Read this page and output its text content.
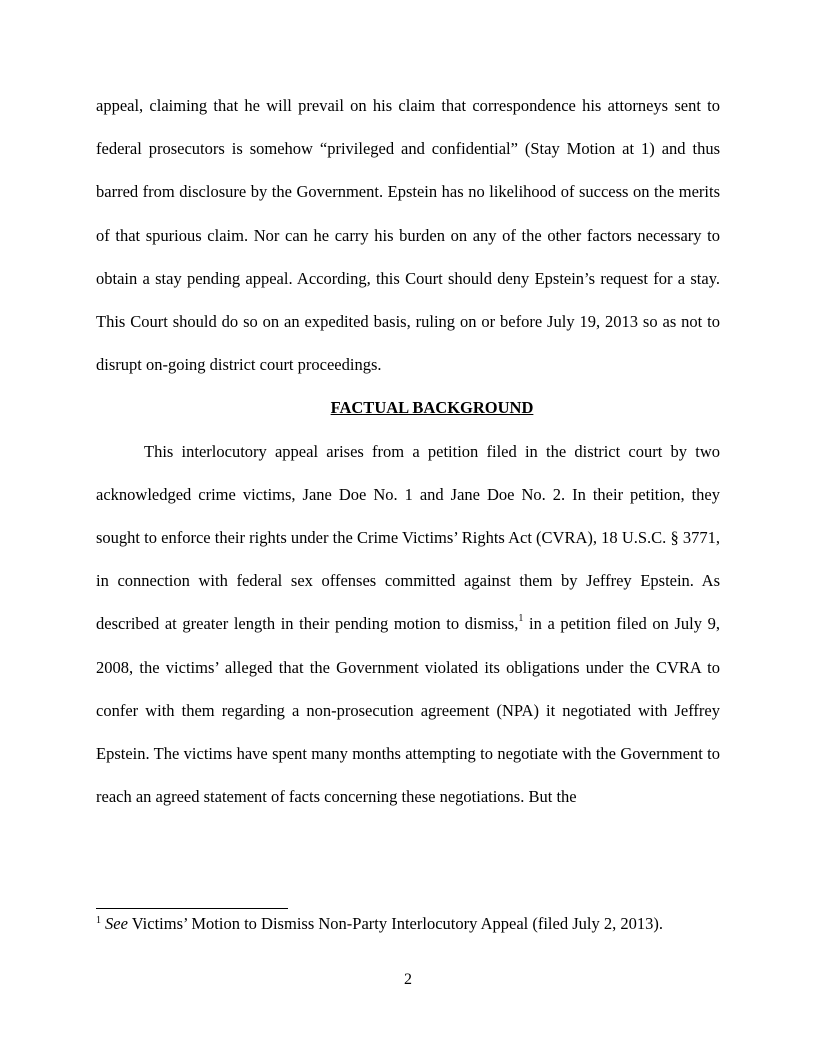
appeal, claiming that he will prevail on his claim that correspondence his attorneys sent to federal prosecutors is somehow “privileged and confidential” (Stay Motion at 1) and thus barred from disclosure by the Government. Epstein has no likelihood of success on the merits of that spurious claim. Nor can he carry his burden on any of the other factors necessary to obtain a stay pending appeal. According, this Court should deny Epstein’s request for a stay. This Court should do so on an expedited basis, ruling on or before July 19, 2013 so as not to disrupt on-going district court proceedings.

FACTUAL BACKGROUND

This interlocutory appeal arises from a petition filed in the district court by two acknowledged crime victims, Jane Doe No. 1 and Jane Doe No. 2. In their petition, they sought to enforce their rights under the Crime Victims’ Rights Act (CVRA), 18 U.S.C. § 3771, in connection with federal sex offenses committed against them by Jeffrey Epstein. As described at greater length in their pending motion to dismiss,$^1$ in a petition filed on July 9, 2008, the victims’ alleged that the Government violated its obligations under the CVRA to confer with them regarding a non-prosecution agreement (NPA) it negotiated with Jeffrey Epstein. The victims have spent many months attempting to negotiate with the Government to reach an agreed statement of facts concerning these negotiations. But the

$^1$ See Victims’ Motion to Dismiss Non-Party Interlocutory Appeal (filed July 2, 2013).

2
